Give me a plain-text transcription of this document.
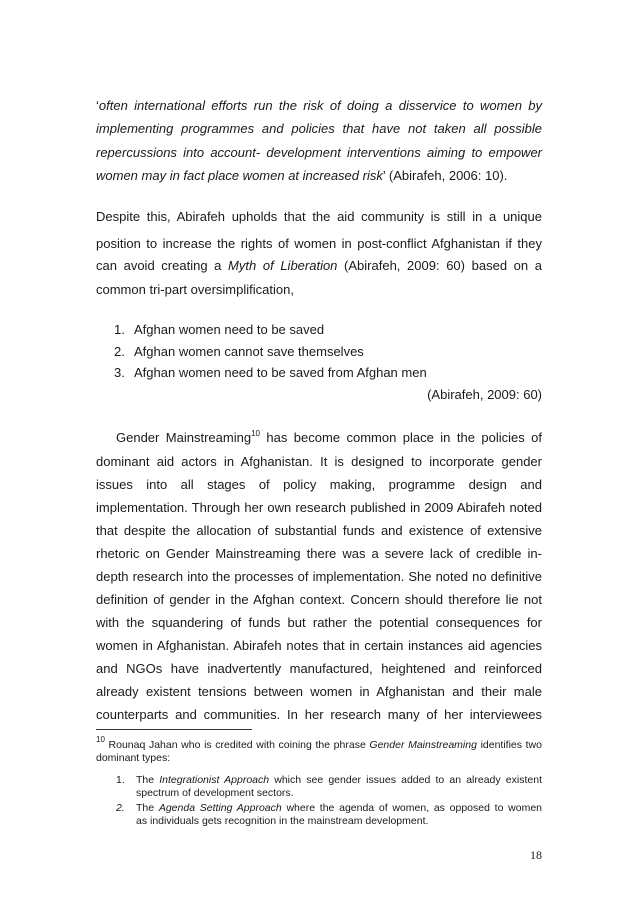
‘often international efforts run the risk of doing a disservice to women by
implementing programmes and policies that have not taken all possible
repercussions into account- development interventions aiming to empower
women may in fact place women at increased risk’ (Abirafeh, 2006: 10).
Despite this, Abirafeh upholds that the aid community is still in a unique
position to increase the rights of women in post-conflict Afghanistan if they
can avoid creating a Myth of Liberation (Abirafeh, 2009: 60) based on a
common tri-part oversimplification,
1. Afghan women need to be saved
2. Afghan women cannot save themselves
3. Afghan women need to be saved from Afghan men
(Abirafeh, 2009: 60)
Gender Mainstreaming$^{10}$ has become common place in the policies of
dominant aid actors in Afghanistan. It is designed to incorporate gender
issues into all stages of policy making, programme design and
implementation. Through her own research published in 2009 Abirafeh noted
that despite the allocation of substantial funds and existence of extensive
rhetoric on Gender Mainstreaming there was a severe lack of credible in-
depth research into the processes of implementation. She noted no definitive
definition of gender in the Afghan context. Concern should therefore lie not
with the squandering of funds but rather the potential consequences for
women in Afghanistan. Abirafeh notes that in certain instances aid agencies
and NGOs have inadvertently manufactured, heightened and reinforced
already existent tensions between women in Afghanistan and their male
counterparts and communities. In her research many of her interviewees
$^{10}$ Rounaq Jahan who is credited with coining the phrase Gender Mainstreaming identifies two
dominant types:
1. The Integrationist Approach which see gender issues added to an already existent
spectrum of development sectors.
2. The Agenda Setting Approach where the agenda of women, as opposed to women
as individuals gets recognition in the mainstream development.
18
